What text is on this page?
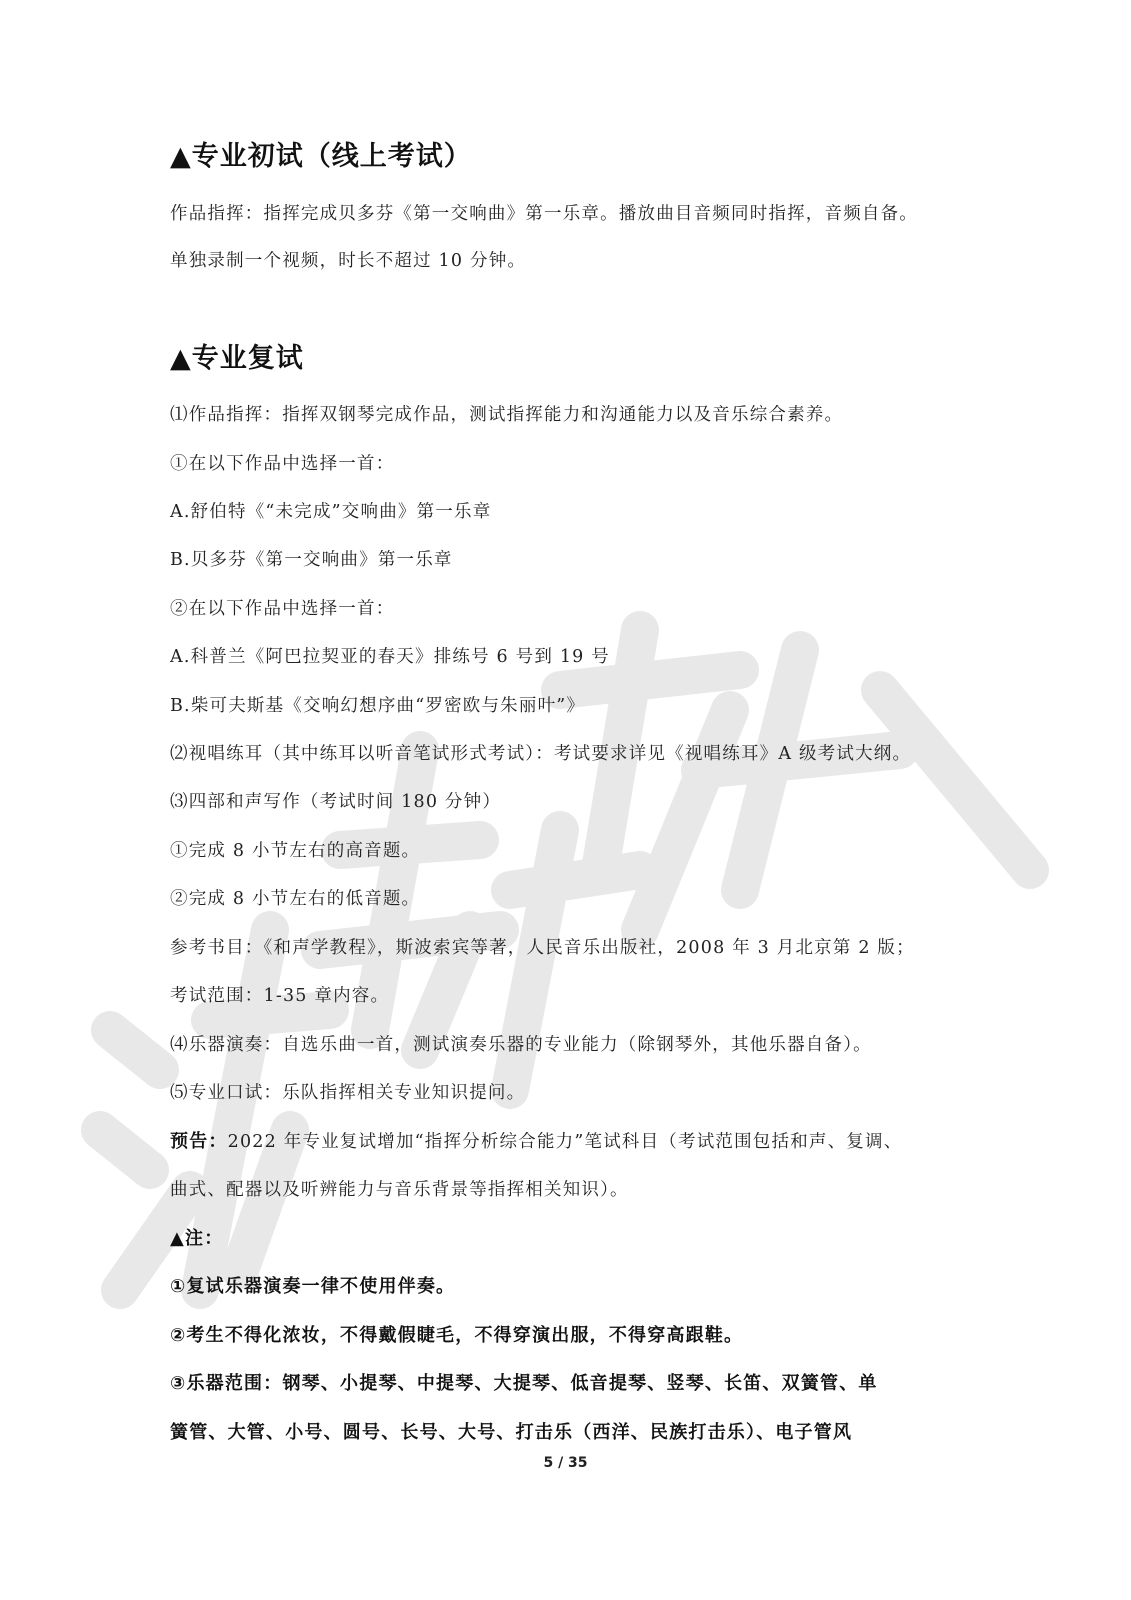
▲专业初试（线上考试）
作品指挥：指挥完成贝多芬《第一交响曲》第一乐章。播放曲目音频同时指挥，音频自备。
单独录制一个视频，时长不超过 10 分钟。
▲专业复试
⑴作品指挥：指挥双钢琴完成作品，测试指挥能力和沟通能力以及音乐综合素养。
①在以下作品中选择一首：
A.舒伯特《“未完成”交响曲》第一乐章
B.贝多芬《第一交响曲》第一乐章
②在以下作品中选择一首：
A.科普兰《阿巴拉契亚的春天》排练号 6 号到 19 号
B.柴可夫斯基《交响幻想序曲“罗密欧与朱丽叶”》
⑵视唱练耳（其中练耳以听音笔试形式考试）：考试要求详见《视唱练耳》A 级考试大纲。
⑶四部和声写作（考试时间 180 分钟）
①完成 8 小节左右的高音题。
②完成 8 小节左右的低音题。
参考书目：《和声学教程》，斯波索宾等著，人民音乐出版社，2008 年 3 月北京第 2 版；
考试范围：1-35 章内容。
⑷乐器演奏：自选乐曲一首，测试演奏乐器的专业能力（除钢琴外，其他乐器自备）。
⑸专业口试：乐队指挥相关专业知识提问。
预告：2022 年专业复试增加“指挥分析综合能力”笔试科目（考试范围包括和声、复调、
曲式、配器以及听辨能力与音乐背景等指挥相关知识）。
▲注：
①复试乐器演奏一律不使用伴奏。
②考生不得化浓妆，不得戴假睫毛，不得穿演出服，不得穿高跟鞋。
③乐器范围：钢琴、小提琴、中提琴、大提琴、低音提琴、竖琴、长笛、双簧管、单
簧管、大管、小号、圆号、长号、大号、打击乐（西洋、民族打击乐）、电子管风
5 / 35
